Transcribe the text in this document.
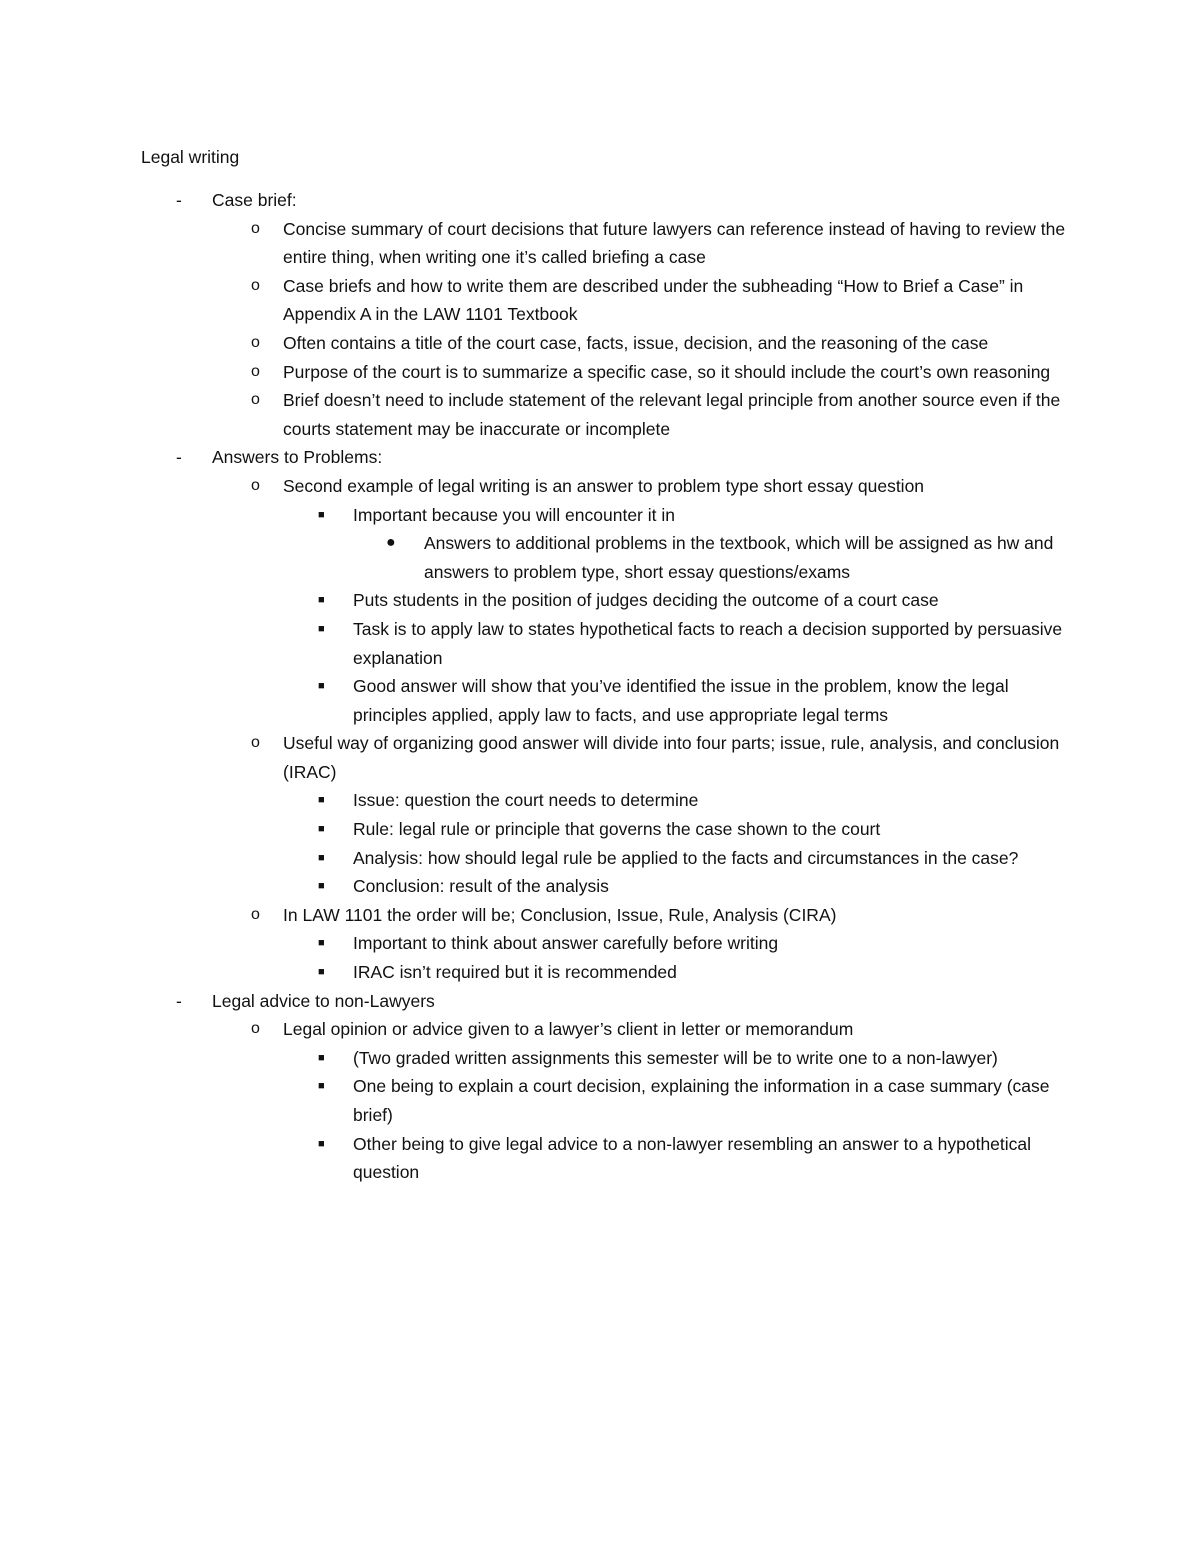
Legal writing
- Case brief:
o Concise summary of court decisions that future lawyers can reference instead of having to review the entire thing, when writing one it’s called briefing a case
o Case briefs and how to write them are described under the subheading “How to Brief a Case” in Appendix A in the LAW 1101 Textbook
o Often contains a title of the court case, facts, issue, decision, and the reasoning of the case
o Purpose of the court is to summarize a specific case, so it should include the court’s own reasoning
o Brief doesn’t need to include statement of the relevant legal principle from another source even if the courts statement may be inaccurate or incomplete
- Answers to Problems:
o Second example of legal writing is an answer to problem type short essay question
■ Important because you will encounter it in
● Answers to additional problems in the textbook, which will be assigned as hw and answers to problem type, short essay questions/exams
■ Puts students in the position of judges deciding the outcome of a court case
■ Task is to apply law to states hypothetical facts to reach a decision supported by persuasive explanation
■ Good answer will show that you’ve identified the issue in the problem, know the legal principles applied, apply law to facts, and use appropriate legal terms
o Useful way of organizing good answer will divide into four parts; issue, rule, analysis, and conclusion (IRAC)
■ Issue: question the court needs to determine
■ Rule: legal rule or principle that governs the case shown to the court
■ Analysis: how should legal rule be applied to the facts and circumstances in the case?
■ Conclusion: result of the analysis
o In LAW 1101 the order will be; Conclusion, Issue, Rule, Analysis (CIRA)
■ Important to think about answer carefully before writing
■ IRAC isn’t required but it is recommended
- Legal advice to non-Lawyers
o Legal opinion or advice given to a lawyer’s client in letter or memorandum
■ (Two graded written assignments this semester will be to write one to a non-lawyer)
■ One being to explain a court decision, explaining the information in a case summary (case brief)
■ Other being to give legal advice to a non-lawyer resembling an answer to a hypothetical question
